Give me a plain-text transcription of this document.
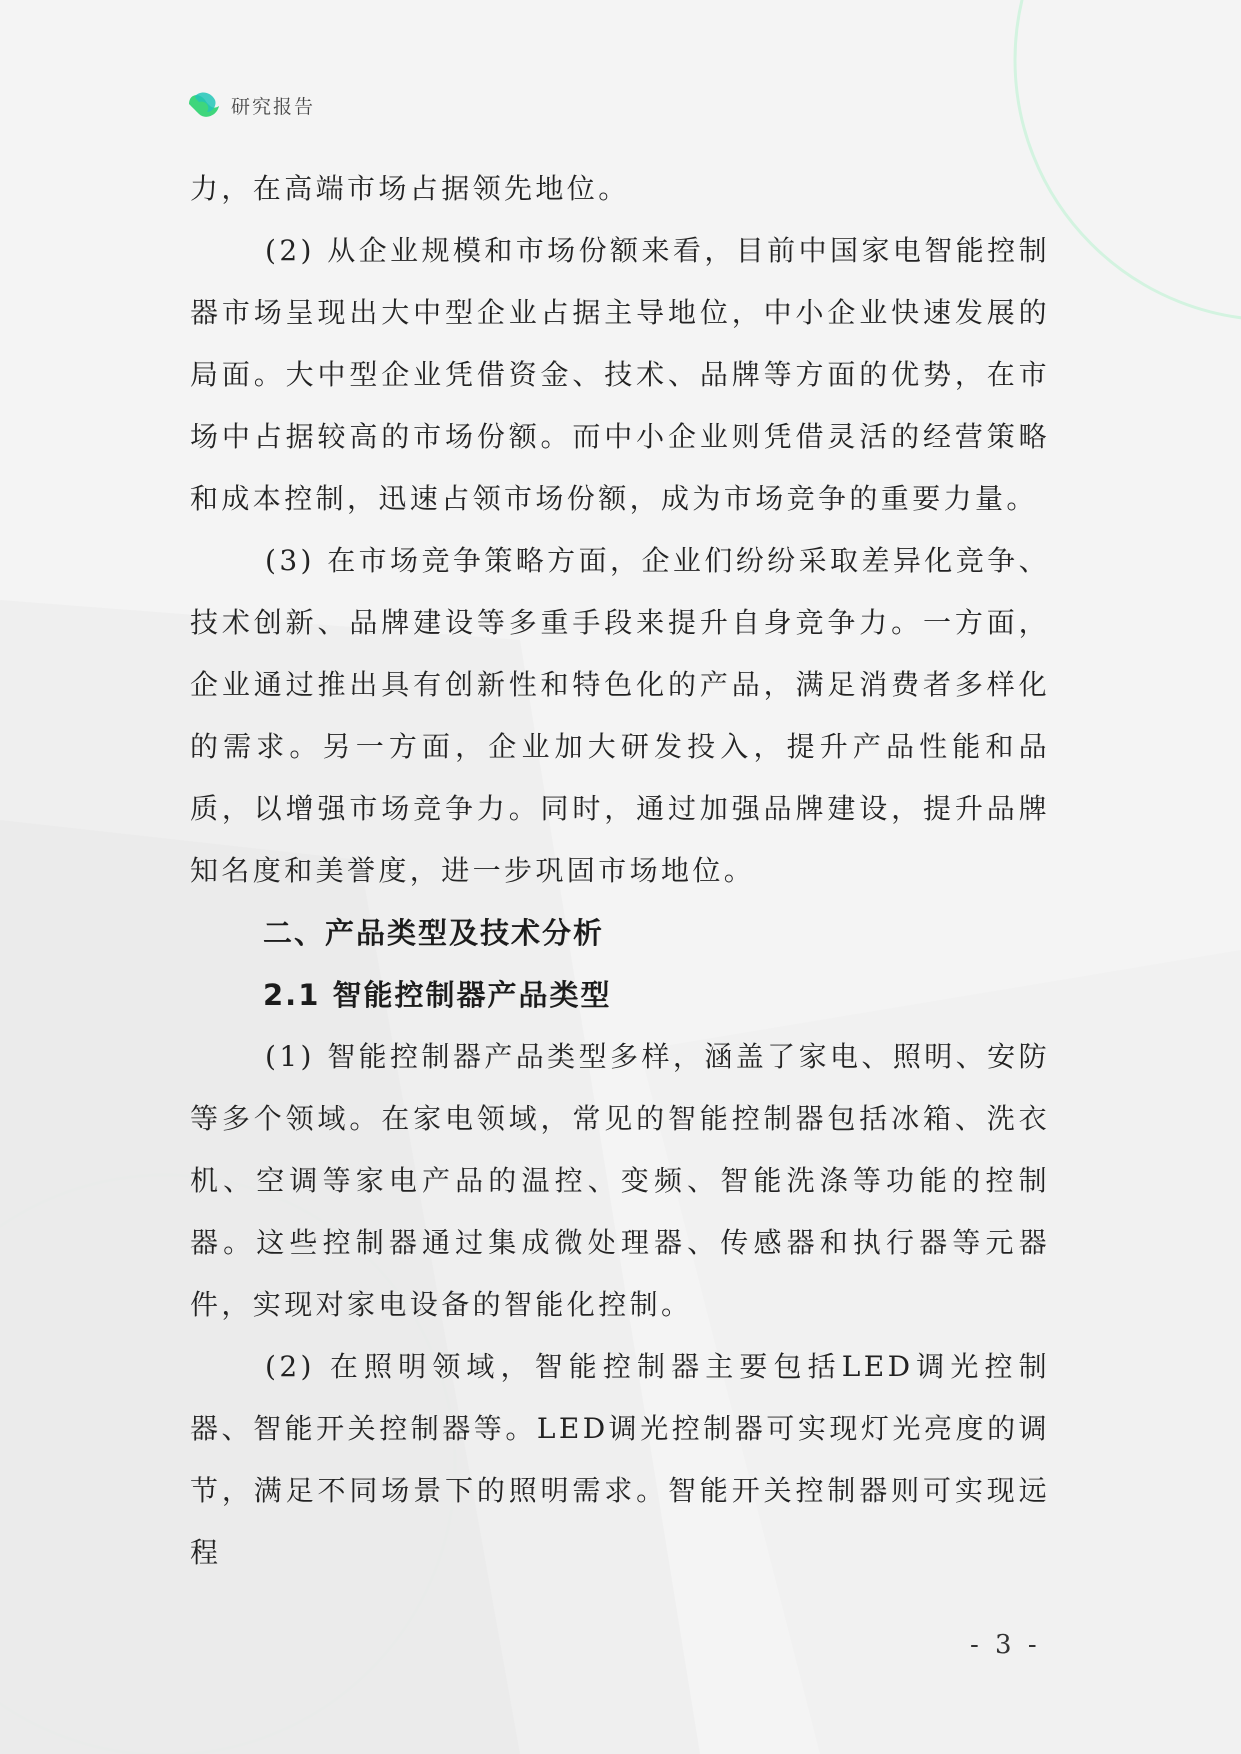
研究报告

力，在高端市场占据领先地位。

(2) 从企业规模和市场份额来看，目前中国家电智能控制器市场呈现出大中型企业占据主导地位，中小企业快速发展的局面。大中型企业凭借资金、技术、品牌等方面的优势，在市场中占据较高的市场份额。而中小企业则凭借灵活的经营策略和成本控制，迅速占领市场份额，成为市场竞争的重要力量。

(3) 在市场竞争策略方面，企业们纷纷采取差异化竞争、技术创新、品牌建设等多重手段来提升自身竞争力。一方面，企业通过推出具有创新性和特色化的产品，满足消费者多样化的需求。另一方面，企业加大研发投入，提升产品性能和品质，以增强市场竞争力。同时，通过加强品牌建设，提升品牌知名度和美誉度，进一步巩固市场地位。

二、产品类型及技术分析
2.1 智能控制器产品类型

(1) 智能控制器产品类型多样，涵盖了家电、照明、安防等多个领域。在家电领域，常见的智能控制器包括冰箱、洗衣机、空调等家电产品的温控、变频、智能洗涤等功能的控制器。这些控制器通过集成微处理器、传感器和执行器等元器件，实现对家电设备的智能化控制。

(2) 在照明领域，智能控制器主要包括LED调光控制器、智能开关控制器等。LED调光控制器可实现灯光亮度的调节，满足不同场景下的照明需求。智能开关控制器则可实现远程

- 3 -
